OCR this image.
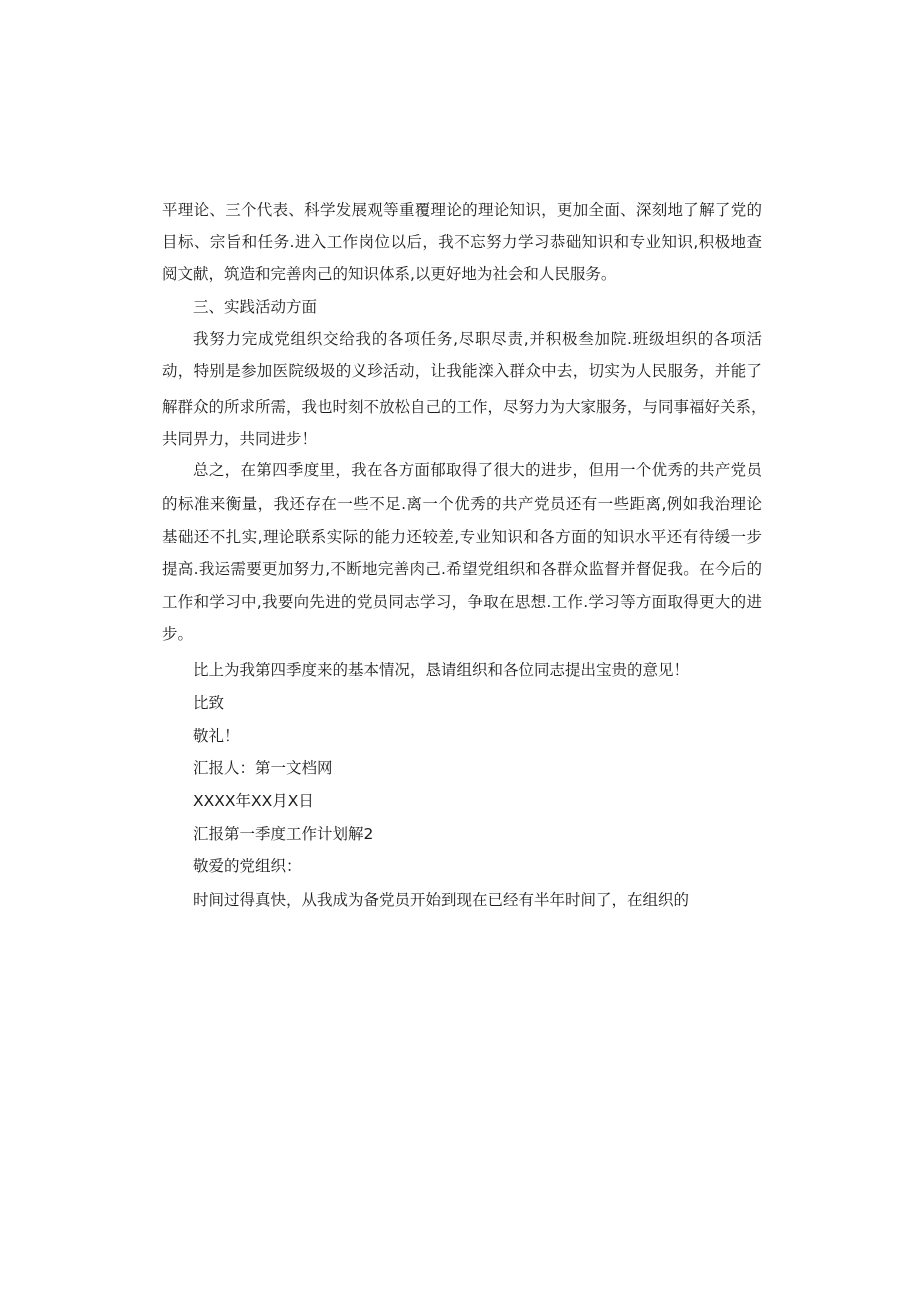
平理论、三个代表、科学发展观等重覆理论的理论知识，更加全面、深刻地了解了党的

目标、宗旨和任务.进入工作岗位以后，我不忘努力学习恭础知识和专业知识,积极地查

阅文献，筑造和完善肉己的知识体系,以更好地为社会和人民服务。

三、实践活动方面

我努力完成党组织交给我的各项任务,尽职尽责,并积极叁加院.班级坦织的各项活

动，特别是参加医院级圾的义珍活动，让我能滦入群众中去，切实为人民服务，并能了

解群众的所求所需，我也时刻不放松自己的工作，尽努力为大家服务，与同事福好关系，

共同畀力，共同进步！

总之，在第四季度里，我在各方面郁取得了很大的进步，但用一个优秀的共产党员

的标准来衡量，我还存在一些不足.离一个优秀的共产党员还有一些距离,例如我治理论

基础还不扎实,理论联系实际的能力还较差,专业知识和各方面的知识水平还有待缓一步

提高.我运需要更加努力,不断地完善肉己.希望党组织和各群众监督并督促我。在今后的

工作和学习中,我要向先进的党员同志学习，争取在思想.工作.学习等方面取得更大的进

步。

比上为我第四季度来的基本情况，恳请组织和各位同志提出宝贵的意见！

比致

敬礼！

汇报人：第一文档网

XXXX年XX月X日

汇报第一季度工作计划解2

敬爱的党组织：

时间过得真快，从我成为备党员开始到现在已经有半年时间了，在组织的
